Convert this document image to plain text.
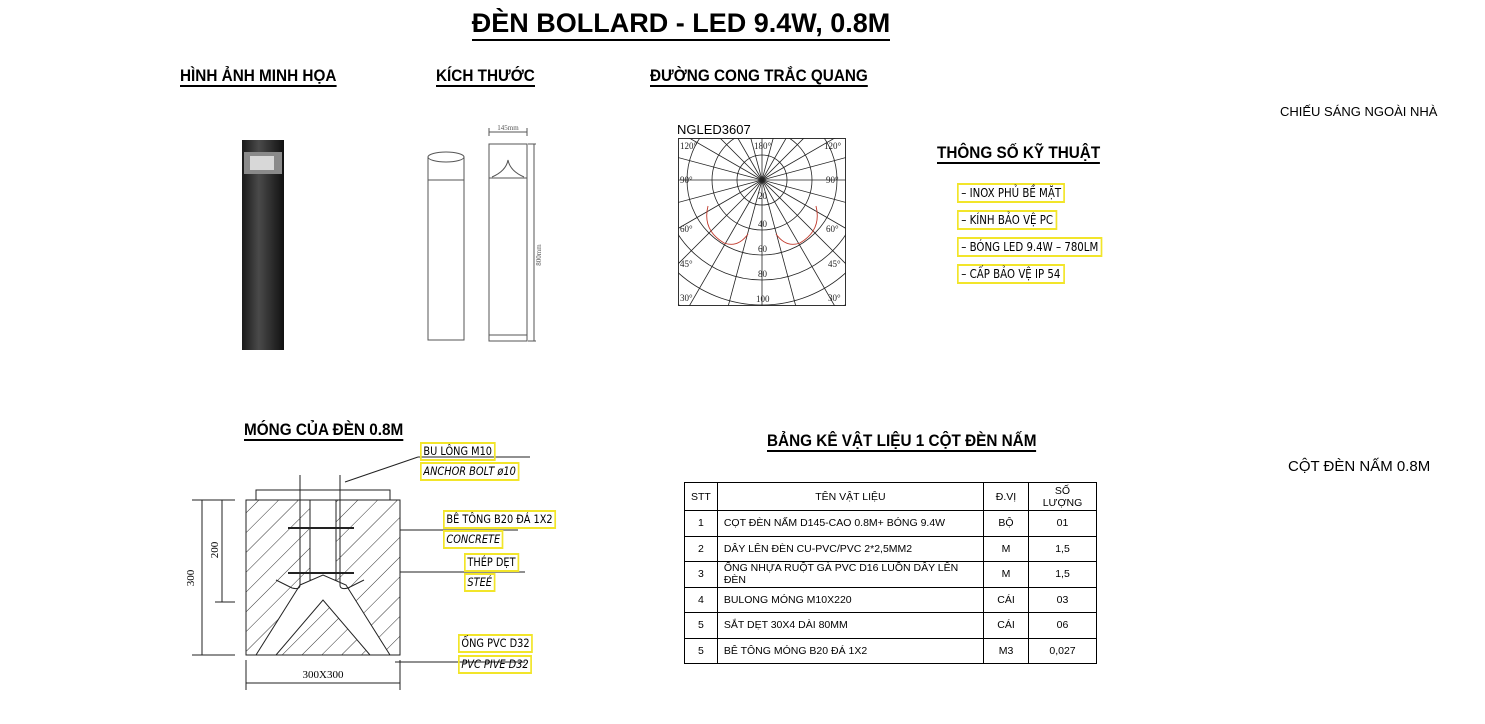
ĐÈN BOLLARD - LED 9.4W, 0.8M
HÌNH ẢNH MINH HỌA	KÍCH THƯỚC	ĐƯỜNG CONG TRẮC QUANG
CHIẾU SÁNG NGOÀI NHÀ
THÔNG SỐ KỸ THUẬT
MÓNG CỦA ĐÈN 0.8M
BẢNG KÊ VẬT LIỆU 1 CỘT ĐÈN NẤM
CỘT ĐÈN NẤM 0.8M
145mm
800mm
NGLED3607
120°	180°	120°
90°	90°
60°	60°
45°	45°
30°	30°
20
40
60
80
100
– INOX PHỦ BỀ MẶT
– KÍNH BẢO VỆ PC
– BÓNG LED 9.4W – 780LM
– CẤP BẢO VỆ IP 54
300
200
300X300
BU LÔNG M10
ANCHOR BOLT ø10
BÊ TÔNG B20 ĐÁ 1X2
CONCRETE
THÉP DẸT
STEÉ
ỐNG PVC D32
PVC PIVE D32
STT	TÊN VẬT LIỆU	Đ.VỊ	SỐ LƯỢNG
1	CỌT ĐÈN NẤM D145-CAO 0.8M+ BÓNG 9.4W	BỘ	01
2	DÂY LÊN ĐÈN CU-PVC/PVC 2*2,5MM2	M	1,5
3	ỐNG NHỰA RUỘT GÀ PVC D16 LUỒN DÂY LÊN ĐÈN	M	1,5
4	BULONG MÓNG M10X220	CÁI	03
5	SẮT DẸT 30X4 DÀI 80MM	CÁI	06
5	BÊ TÔNG MÓNG B20 ĐÁ 1X2	M3	0,027
